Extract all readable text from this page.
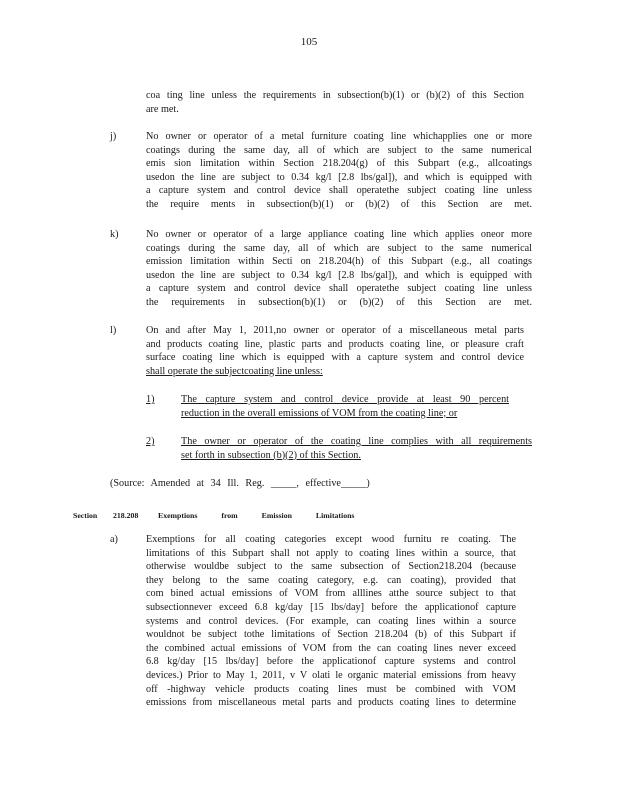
105
coa ting line unless the requirements in subsection(b)(1) or (b)(2) of this Section
are met.
j)	No owner or operator of a metal furniture coating line whichapplies one or more
coatings during the same day, all of which are subject to the same numerical
emis sion limitation within Section 218.204(g) of this Subpart (e.g., allcoatings
usedon the line are subject to 0.34 kg/l [2.8 lbs/gal]), and which is equipped with
a capture system and control device shall operatethe subject coating line unless
the require ments in subsection(b)(1) or (b)(2) of this Section are met.
k)	No owner or operator of a large appliance coating line which applies oneor more
coatings during the same day, all of which are subject to the same numerical
emission limitation within Secti on 218.204(h) of this Subpart (e.g., all coatings
usedon the line are subject to 0.34 kg/l [2.8 lbs/gal]), and which is equipped with
a capture system and control device shall operatethe subject coating line unless
the requirements in subsection(b)(1) or (b)(2) of this Section are met.
l)	On and after May 1, 2011,no owner or operator of a miscellaneous metal parts
and products coating line, plastic parts and products coating line, or pleasure craft
surface coating line which is equipped with a capture system and control device
shall operate the subjectcoating line unless:
1)	The capture system and control device provide at least 90 percent
reduction in the overall emissions of VOM from the coating line; or
2)	The owner or operator of the coating line complies with all requirements
set forth in subsection (b)(2) of this Section.
(Source: Amended at 34 Ill. Reg. _____, effective_____)
Section 218.208	Exemptions from Emission Limitations
a)	Exemptions for all coating categories except wood furnitu re coating. The
limitations of this Subpart shall not apply to coating lines within a source, that
otherwise wouldbe subject to the same subsection of Section218.204 (because
they belong to the same coating category, e.g. can coating), provided that
com bined actual emissions of VOM from alllines atthe source subject to that
subsectionnever exceed 6.8 kg/day [15 lbs/day] before the applicationof capture
systems and control devices. (For example, can coating lines within a source
wouldnot be subject tothe limitations of Section 218.204 (b) of this Subpart if
the combined actual emissions of VOM from the can coating lines never exceed
6.8 kg/day [15 lbs/day] before the applicationof capture systems and control
devices.) Prior to May 1, 2011, v V olati le organic material emissions from heavy
off -highway vehicle products coating lines must be combined with VOM
emissions from miscellaneous metal parts and products coating lines to determine
